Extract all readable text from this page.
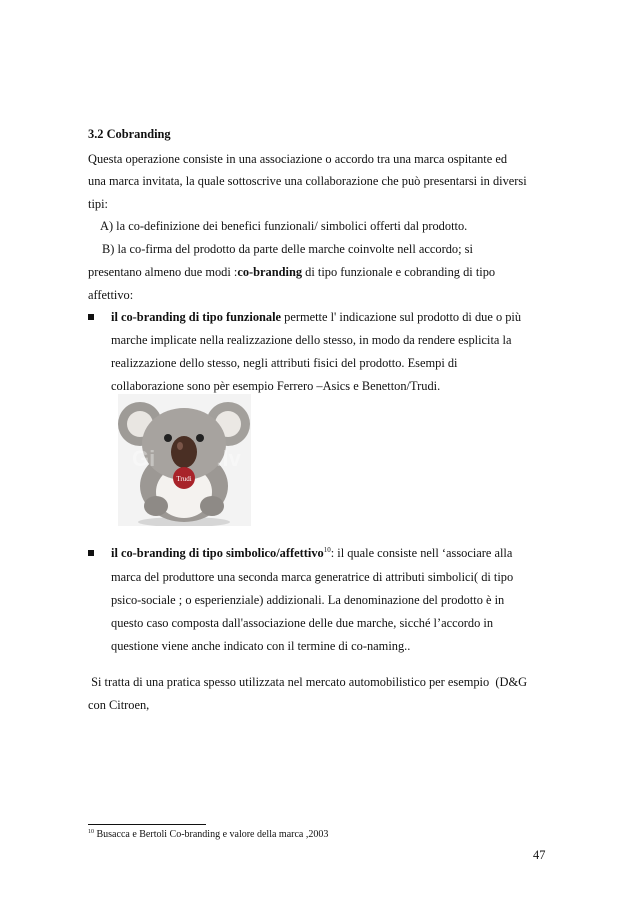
3.2 Cobranding
Questa operazione consiste in una associazione o accordo tra una marca ospitante ed
una marca invitata, la quale sottoscrive una collaborazione che può presentarsi in diversi
tipi:
A) la co-definizione dei benefici funzionali/ simbolici offerti dal prodotto.
B) la co-firma del prodotto da parte delle marche coinvolte nell accordo; si
presentano almeno due modi :co-branding di tipo funzionale e cobranding di tipo
affettivo:
il co-branding di tipo funzionale permette l' indicazione sul prodotto di due o più
marche implicate nella realizzazione dello stesso, in modo da rendere esplicita la
realizzazione dello stesso, negli attributi fisici del prodotto. Esempi di
collaborazione sono pèr esempio Ferrero –Asics e Benetton/Trudi.
Trudi
Gi          .lv
il co-branding di tipo simbolico/affettivo$^{10}$: il quale consiste nell ‘associare alla
marca del produttore una seconda marca generatrice di attributi simbolici( di tipo
psico-sociale ; o esperienziale) addizionali. La denominazione del prodotto è in
questo caso composta dall'associazione delle due marche, sicché l’accordo in
questione viene anche indicato con il termine di co-naming..
Si tratta di una pratica spesso utilizzata nel mercato automobilistico per esempio  (D&G
con Citroen,
$^{10}$ Busacca e Bertoli Co-branding e valore della marca ,2003
47
